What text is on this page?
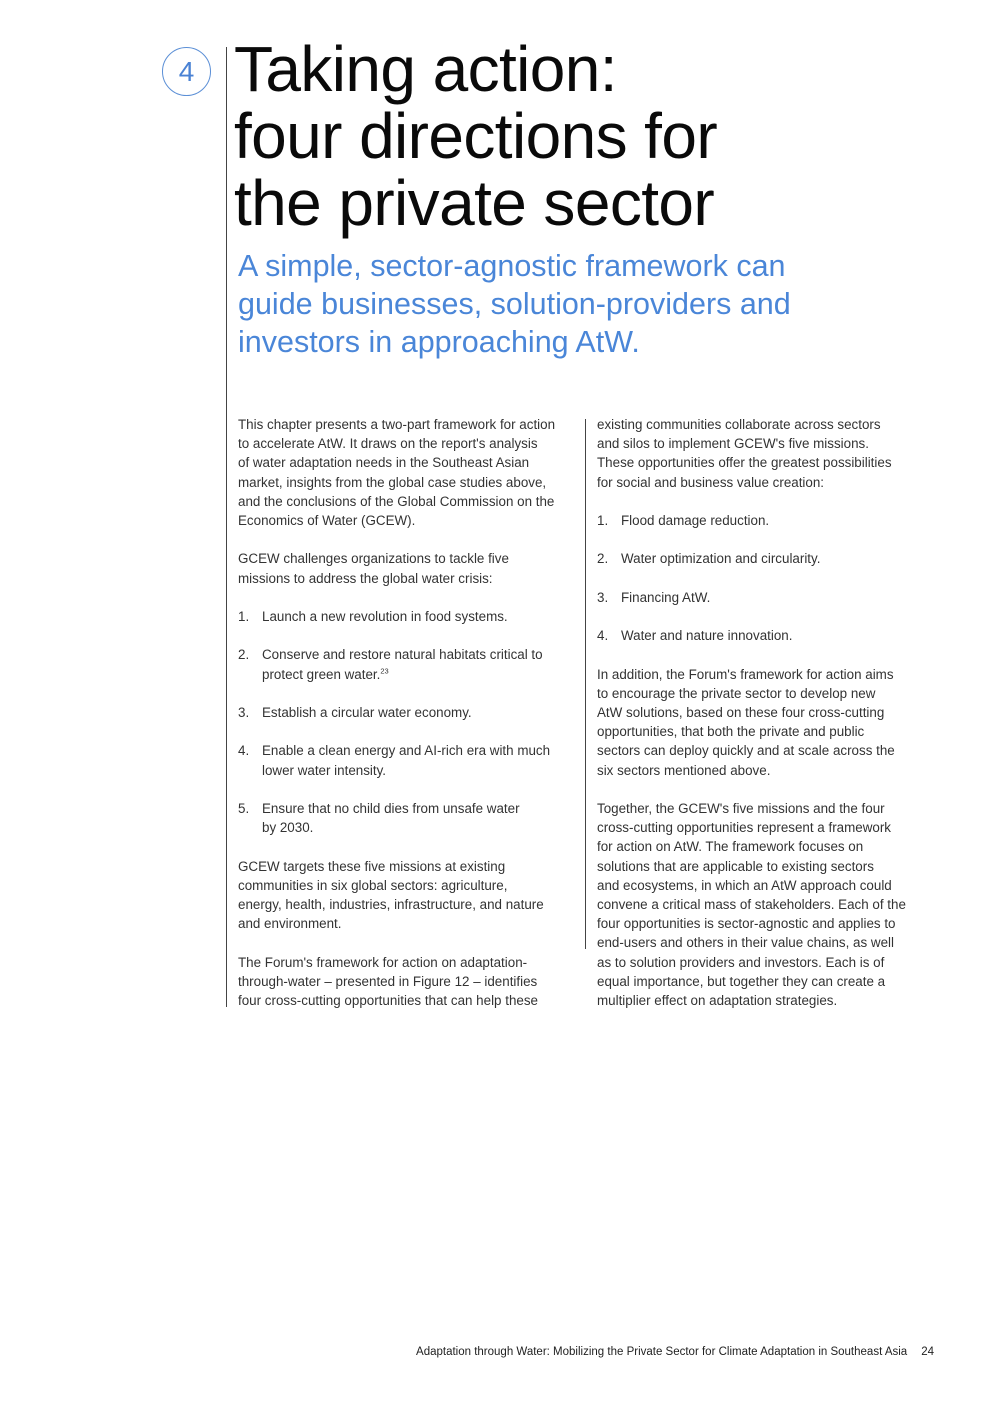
4 Taking action:
four directions for
the private sector
A simple, sector-agnostic framework can
guide businesses, solution-providers and
investors in approaching AtW.
This chapter presents a two-part framework for action
to accelerate AtW. It draws on the report's analysis
of water adaptation needs in the Southeast Asian
market, insights from the global case studies above,
and the conclusions of the Global Commission on the
Economics of Water (GCEW).
GCEW challenges organizations to tackle five
missions to address the global water crisis:
1. Launch a new revolution in food systems.
2. Conserve and restore natural habitats critical to
protect green water.$^{23}$
3. Establish a circular water economy.
4. Enable a clean energy and AI-rich era with much
lower water intensity.
5. Ensure that no child dies from unsafe water
by 2030.
GCEW targets these five missions at existing
communities in six global sectors: agriculture,
energy, health, industries, infrastructure, and nature
and environment.
The Forum's framework for action on adaptation-
through-water – presented in Figure 12 – identifies
four cross-cutting opportunities that can help these
existing communities collaborate across sectors
and silos to implement GCEW's five missions.
These opportunities offer the greatest possibilities
for social and business value creation:
1. Flood damage reduction.
2. Water optimization and circularity.
3. Financing AtW.
4. Water and nature innovation.
In addition, the Forum's framework for action aims
to encourage the private sector to develop new
AtW solutions, based on these four cross-cutting
opportunities, that both the private and public
sectors can deploy quickly and at scale across the
six sectors mentioned above.
Together, the GCEW's five missions and the four
cross-cutting opportunities represent a framework
for action on AtW. The framework focuses on
solutions that are applicable to existing sectors
and ecosystems, in which an AtW approach could
convene a critical mass of stakeholders. Each of the
four opportunities is sector-agnostic and applies to
end-users and others in their value chains, as well
as to solution providers and investors. Each is of
equal importance, but together they can create a
multiplier effect on adaptation strategies.
Adaptation through Water: Mobilizing the Private Sector for Climate Adaptation in Southeast Asia 24
